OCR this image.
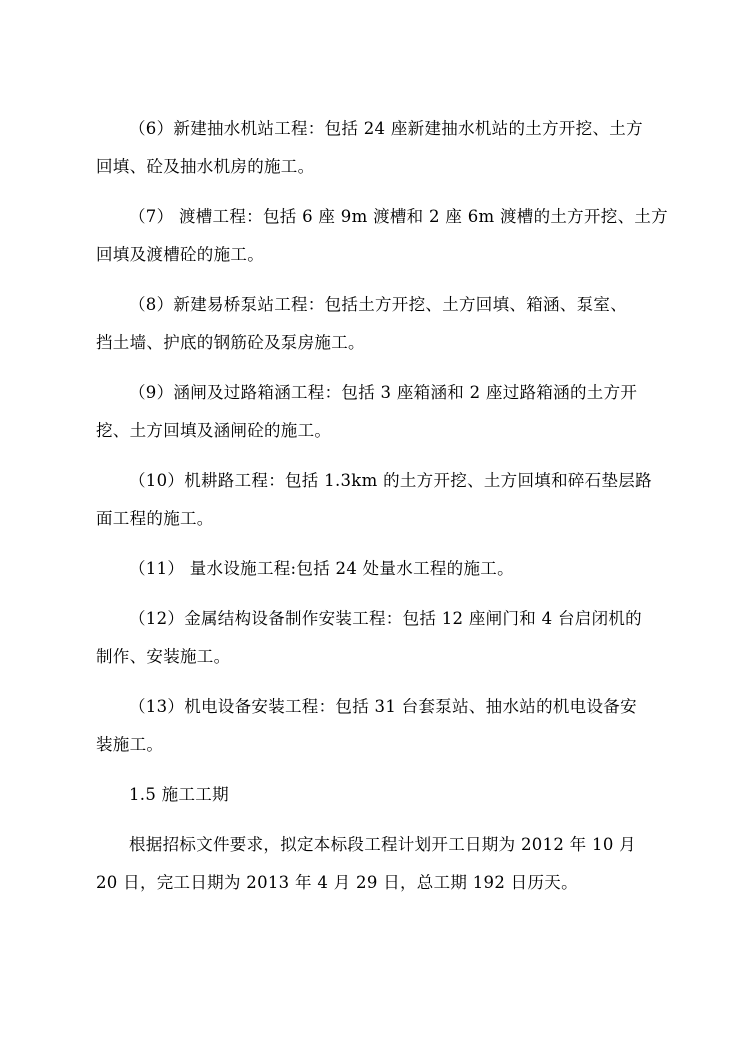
（6）新建抽水机站工程：包括 24 座新建抽水机站的土方开挖、土方
回填、砼及抽水机房的施工。

（7） 渡槽工程：包括 6 座 9m 渡槽和 2 座 6m 渡槽的土方开挖、土方
回填及渡槽砼的施工。

（8）新建易桥泵站工程：包括土方开挖、土方回填、箱涵、泵室、
挡土墙、护底的钢筋砼及泵房施工。

（9）涵闸及过路箱涵工程：包括 3 座箱涵和 2 座过路箱涵的土方开
挖、土方回填及涵闸砼的施工。

（10）机耕路工程：包括 1.3km 的土方开挖、土方回填和碎石垫层路
面工程的施工。

（11） 量水设施工程:包括 24 处量水工程的施工。

（12）金属结构设备制作安装工程：包括 12 座闸门和 4 台启闭机的
制作、安装施工。

（13）机电设备安装工程：包括 31 台套泵站、抽水站的机电设备安
装施工。

1.5 施工工期

根据招标文件要求，拟定本标段工程计划开工日期为 2012 年 10 月
20 日，完工日期为 2013 年 4 月 29 日，总工期 192 日历天。
